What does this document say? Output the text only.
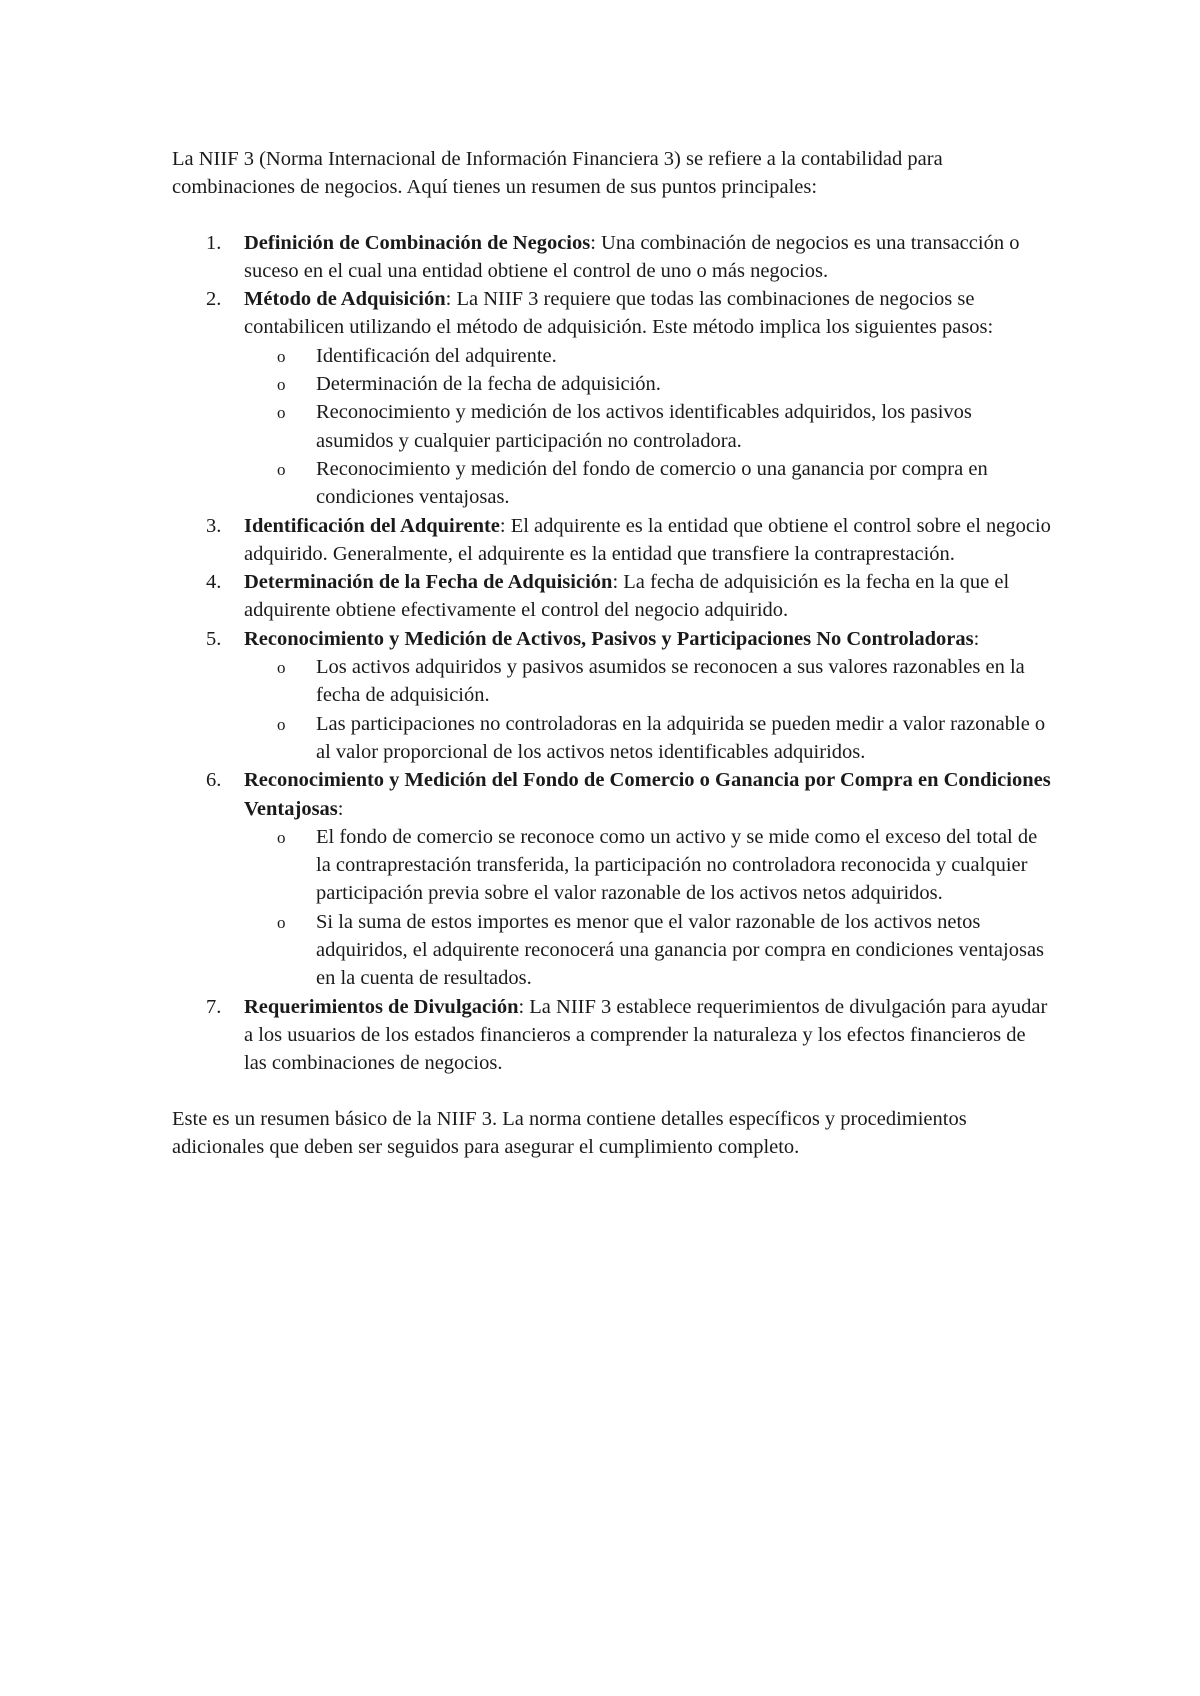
La NIIF 3 (Norma Internacional de Información Financiera 3) se refiere a la contabilidad para combinaciones de negocios. Aquí tienes un resumen de sus puntos principales:

1. Definición de Combinación de Negocios: Una combinación de negocios es una transacción o suceso en el cual una entidad obtiene el control de uno o más negocios.
2. Método de Adquisición: La NIIF 3 requiere que todas las combinaciones de negocios se contabilicen utilizando el método de adquisición. Este método implica los siguientes pasos:
o Identificación del adquirente.
o Determinación de la fecha de adquisición.
o Reconocimiento y medición de los activos identificables adquiridos, los pasivos asumidos y cualquier participación no controladora.
o Reconocimiento y medición del fondo de comercio o una ganancia por compra en condiciones ventajosas.
3. Identificación del Adquirente: El adquirente es la entidad que obtiene el control sobre el negocio adquirido. Generalmente, el adquirente es la entidad que transfiere la contraprestación.
4. Determinación de la Fecha de Adquisición: La fecha de adquisición es la fecha en la que el adquirente obtiene efectivamente el control del negocio adquirido.
5. Reconocimiento y Medición de Activos, Pasivos y Participaciones No Controladoras:
o Los activos adquiridos y pasivos asumidos se reconocen a sus valores razonables en la fecha de adquisición.
o Las participaciones no controladoras en la adquirida se pueden medir a valor razonable o al valor proporcional de los activos netos identificables adquiridos.
6. Reconocimiento y Medición del Fondo de Comercio o Ganancia por Compra en Condiciones Ventajosas:
o El fondo de comercio se reconoce como un activo y se mide como el exceso del total de la contraprestación transferida, la participación no controladora reconocida y cualquier participación previa sobre el valor razonable de los activos netos adquiridos.
o Si la suma de estos importes es menor que el valor razonable de los activos netos adquiridos, el adquirente reconocerá una ganancia por compra en condiciones ventajosas en la cuenta de resultados.
7. Requerimientos de Divulgación: La NIIF 3 establece requerimientos de divulgación para ayudar a los usuarios de los estados financieros a comprender la naturaleza y los efectos financieros de las combinaciones de negocios.

Este es un resumen básico de la NIIF 3. La norma contiene detalles específicos y procedimientos adicionales que deben ser seguidos para asegurar el cumplimiento completo.
